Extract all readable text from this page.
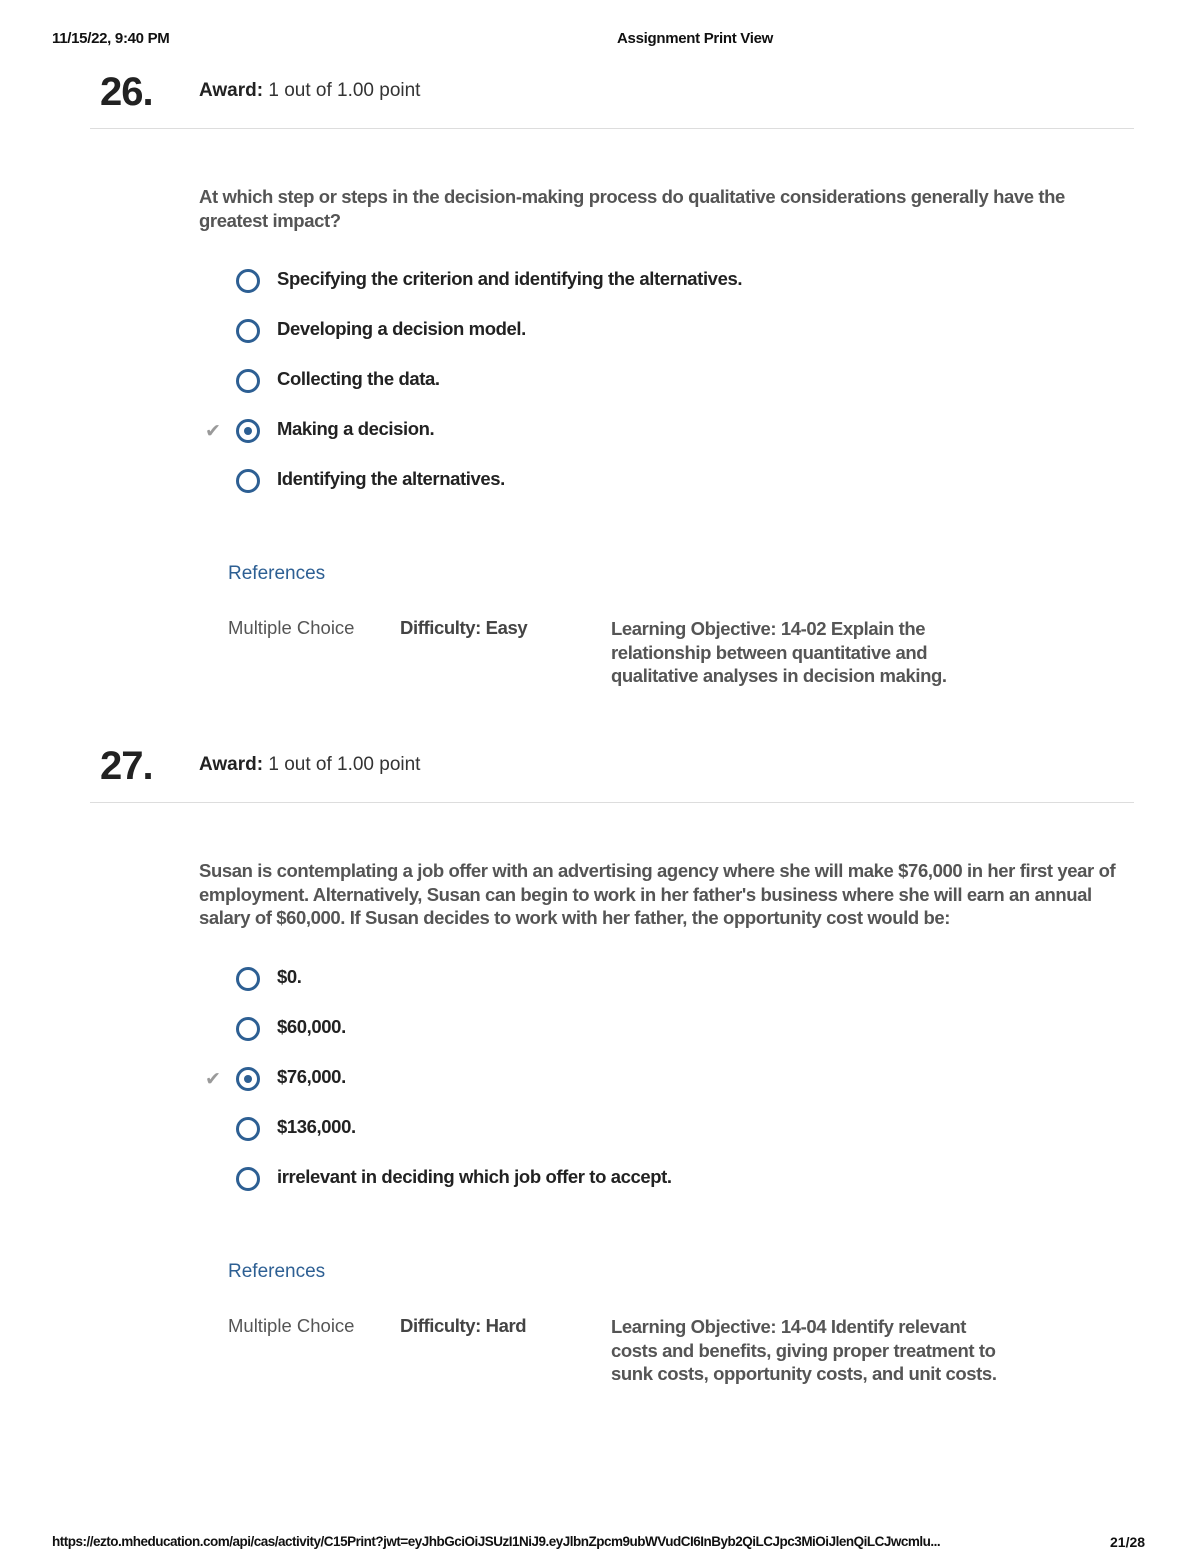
11/15/22, 9:40 PM	Assignment Print View
26. Award: 1 out of 1.00 point
At which step or steps in the decision-making process do qualitative considerations generally have the greatest impact?
Specifying the criterion and identifying the alternatives.
Developing a decision model.
Collecting the data.
✔	Making a decision.
Identifying the alternatives.
References
Multiple Choice Difficulty: Easy	Learning Objective: 14-02 Explain the relationship between quantitative and qualitative analyses in decision making.
27. Award: 1 out of 1.00 point
Susan is contemplating a job offer with an advertising agency where she will make $76,000 in her first year of employment. Alternatively, Susan can begin to work in her father's business where she will earn an annual salary of $60,000. If Susan decides to work with her father, the opportunity cost would be:
$0.
$60,000.
✔	$76,000.
$136,000.
irrelevant in deciding which job offer to accept.
References
Multiple Choice Difficulty: Hard	Learning Objective: 14-04 Identify relevant costs and benefits, giving proper treatment to sunk costs, opportunity costs, and unit costs.
https://ezto.mheducation.com/api/cas/activity/C15Print?jwt=eyJhbGciOiJSUzI1NiJ9.eyJlbnZpcm9ubWVudCI6InByb2QiLCJpc3MiOiJlenQiLCJwcmlu...	21/28
